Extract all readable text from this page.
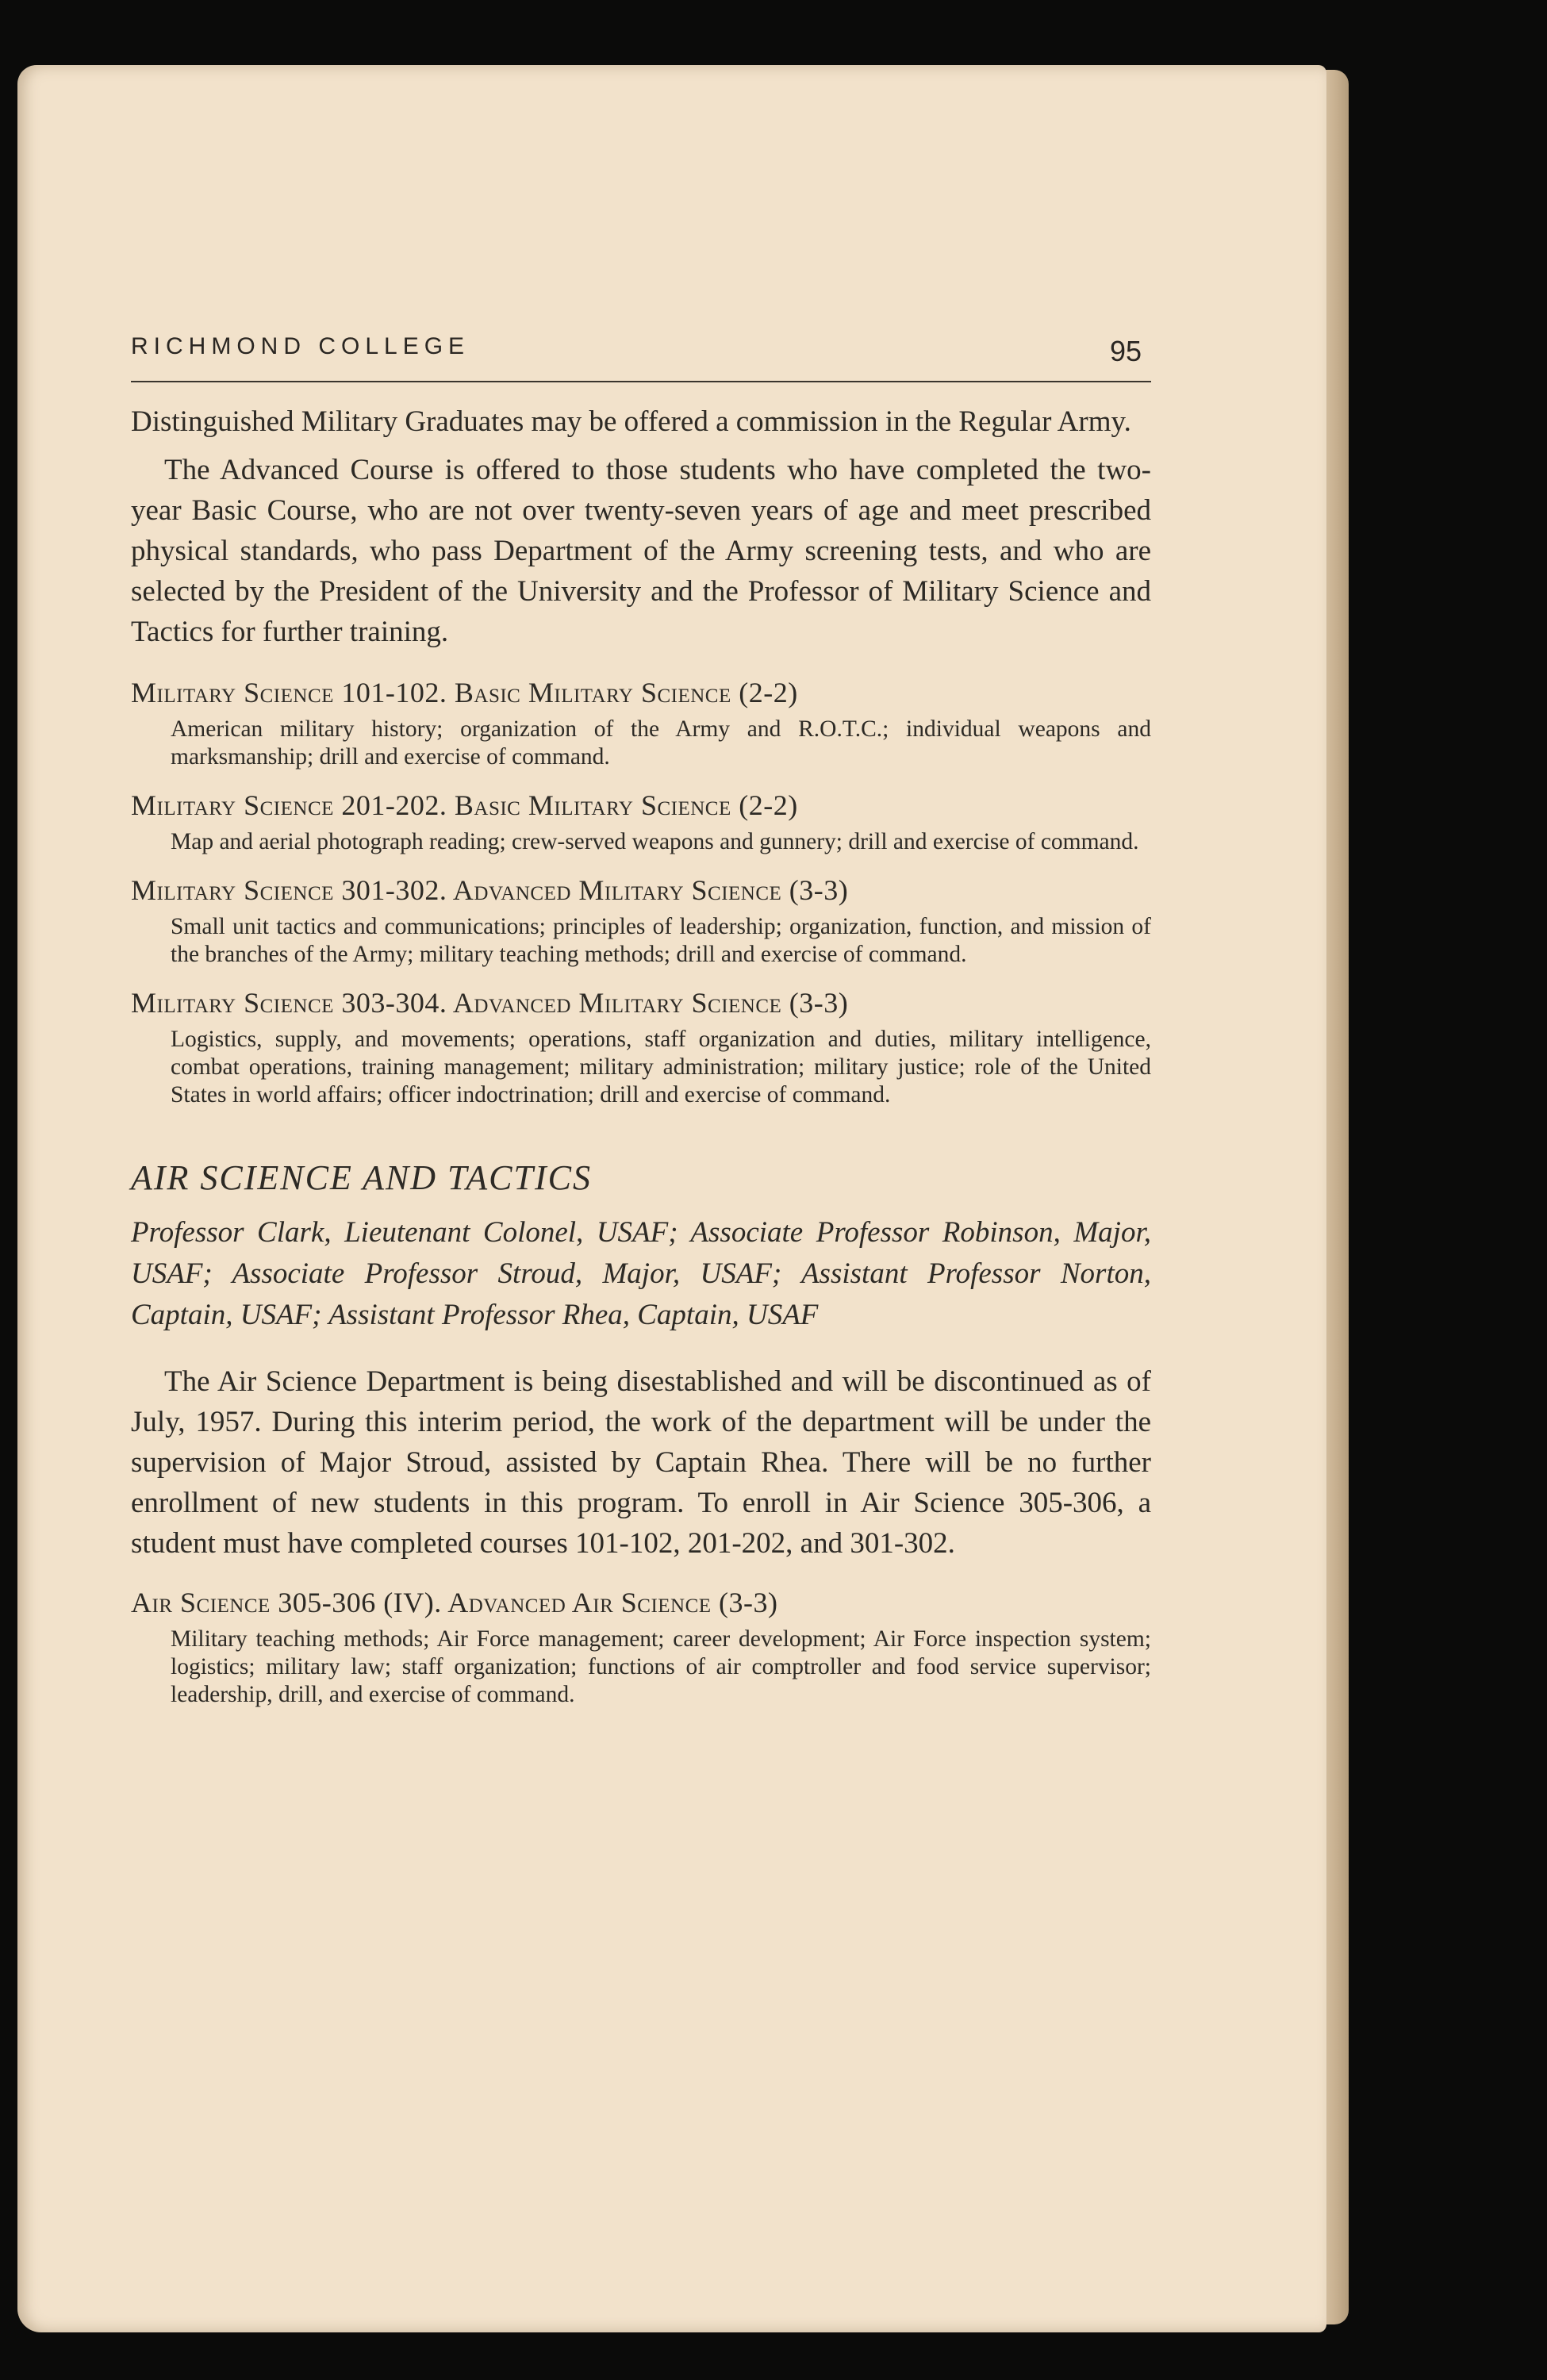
RICHMOND COLLEGE	95

Distinguished Military Graduates may be offered a commission in the Regular Army.

The Advanced Course is offered to those students who have completed the two-year Basic Course, who are not over twenty-seven years of age and meet prescribed physical standards, who pass Department of the Army screening tests, and who are selected by the President of the University and the Professor of Military Science and Tactics for further training.

Military Science 101-102. Basic Military Science (2-2)

American military history; organization of the Army and R.O.T.C.; individual weapons and marksmanship; drill and exercise of command.

Military Science 201-202. Basic Military Science (2-2)

Map and aerial photograph reading; crew-served weapons and gunnery; drill and exercise of command.

Military Science 301-302. Advanced Military Science (3-3)

Small unit tactics and communications; principles of leadership; organization, function, and mission of the branches of the Army; military teaching methods; drill and exercise of command.

Military Science 303-304. Advanced Military Science (3-3)

Logistics, supply, and movements; operations, staff organization and duties, military intelligence, combat operations, training management; military administration; military justice; role of the United States in world affairs; officer indoctrination; drill and exercise of command.

AIR SCIENCE AND TACTICS

Professor Clark, Lieutenant Colonel, USAF; Associate Professor Robinson, Major, USAF; Associate Professor Stroud, Major, USAF; Assistant Professor Norton, Captain, USAF; Assistant Professor Rhea, Captain, USAF

The Air Science Department is being disestablished and will be discontinued as of July, 1957. During this interim period, the work of the department will be under the supervision of Major Stroud, assisted by Captain Rhea. There will be no further enrollment of new students in this program. To enroll in Air Science 305-306, a student must have completed courses 101-102, 201-202, and 301-302.

Air Science 305-306 (IV). Advanced Air Science (3-3)

Military teaching methods; Air Force management; career development; Air Force inspection system; logistics; military law; staff organization; functions of air comptroller and food service supervisor; leadership, drill, and exercise of command.
